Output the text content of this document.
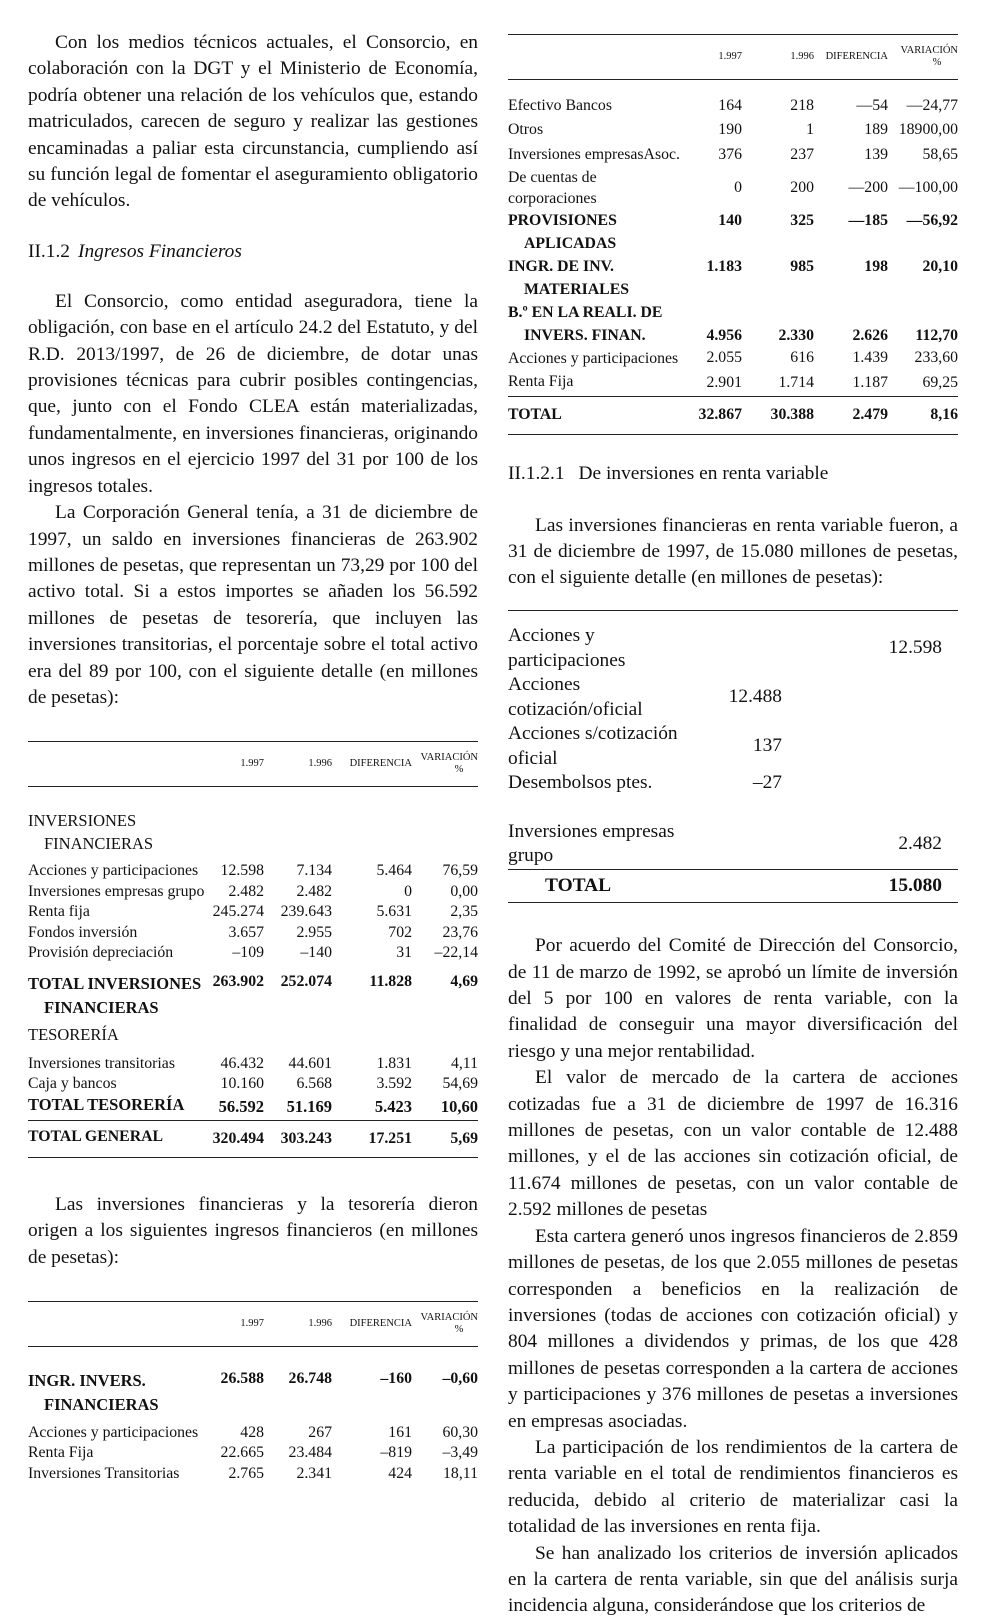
Con los medios técnicos actuales, el Consorcio, en colaboración con la DGT y el Ministerio de Economía, podría obtener una relación de los vehículos que, estando matriculados, carecen de seguro y realizar las gestiones encaminadas a paliar esta circunstancia, cumpliendo así su función legal de fomentar el aseguramiento obligatorio de vehículos.

II.1.2 Ingresos Financieros

El Consorcio, como entidad aseguradora, tiene la obligación, con base en el artículo 24.2 del Estatuto, y del R.D. 2013/1997, de 26 de diciembre, de dotar unas provisiones técnicas para cubrir posibles contingencias, que, junto con el Fondo CLEA están materializadas, fundamentalmente, en inversiones financieras, originando unos ingresos en el ejercicio 1997 del 31 por 100 de los ingresos totales.

La Corporación General tenía, a 31 de diciembre de 1997, un saldo en inversiones financieras de 263.902 millones de pesetas, que representan un 73,29 por 100 del activo total. Si a estos importes se añaden los 56.592 millones de pesetas de tesorería, que incluyen las inversiones transitorias, el porcentaje sobre el total activo era del 89 por 100, con el siguiente detalle (en millones de pesetas):

	1.997	1.996	DIFERENCIA	VARIACIÓN
%

INVERSIONES
FINANCIERAS				

Acciones y participaciones	12.598	7.134	5.464	76,59
Inversiones empresas grupo	2.482	2.482	0	0,00
Renta fija	245.274	239.643	5.631	2,35
Fondos inversión	3.657	2.955	702	23,76
Provisión depreciación	–109	–140	31	–22,14

TOTAL INVERSIONES
FINANCIERAS	263.902	252.074	11.828	4,69
TESORERÍA				

Inversiones transitorias	46.432	44.601	1.831	4,11
Caja y bancos	10.160	6.568	3.592	54,69
TOTAL TESORERÍA	56.592	51.169	5.423	10,60
TOTAL GENERAL	320.494	303.243	17.251	5,69

Las inversiones financieras y la tesorería dieron origen a los siguientes ingresos financieros (en millones de pesetas):

	1.997	1.996	DIFERENCIA	VARIACIÓN
%

INGR. INVERS.
FINANCIERAS	26.588	26.748	–160	–0,60

Acciones y participaciones	428	267	161	60,30
Renta Fija	22.665	23.484	–819	–3,49
Inversiones Transitorias	2.765	2.341	424	18,11
	1.997	1.996	DIFERENCIA	VARIACIÓN
%

Efectivo Bancos	164	218	—54	—24,77

Otros	190	1	189	18900,00

Inversiones empresasAsoc.	376	237	139	58,65

De cuentas de corporaciones	0	200	—200	—100,00
PROVISIONES
APLICADAS	140	325	—185	—56,92
INGR. DE INV.
MATERIALES	1.183	985	198	20,10
B.º EN LA REALI. DE
INVERS. FINAN.	4.956	2.330	2.626	112,70
Acciones y participaciones	2.055	616	1.439	233,60
Renta Fija	2.901	1.714	1.187	69,25
TOTAL	32.867	30.388	2.479	8,16
II.1.2.1 De inversiones en renta variable

Las inversiones financieras en renta variable fueron, a 31 de diciembre de 1997, de 15.080 millones de pesetas, con el siguiente detalle (en millones de pesetas):

Acciones y participaciones		12.598
Acciones cotización/oficial	12.488	
Acciones s/cotización oficial	137	
Desembolsos ptes.	–27	

Inversiones empresas grupo		2.482
TOTAL		15.080

Por acuerdo del Comité de Dirección del Consorcio, de 11 de marzo de 1992, se aprobó un límite de inversión del 5 por 100 en valores de renta variable, con la finalidad de conseguir una mayor diversificación del riesgo y una mejor rentabilidad.

El valor de mercado de la cartera de acciones cotizadas fue a 31 de diciembre de 1997 de 16.316 millones de pesetas, con un valor contable de 12.488 millones, y el de las acciones sin cotización oficial, de 11.674 millones de pesetas, con un valor contable de 2.592 millones de pesetas

Esta cartera generó unos ingresos financieros de 2.859 millones de pesetas, de los que 2.055 millones de pesetas corresponden a beneficios en la realización de inversiones (todas de acciones con cotización oficial) y 804 millones a dividendos y primas, de los que 428 millones de pesetas corresponden a la cartera de acciones y participaciones y 376 millones de pesetas a inversiones en empresas asociadas.

La participación de los rendimientos de la cartera de renta variable en el total de rendimientos financieros es reducida, debido al criterio de materializar casi la totalidad de las inversiones en renta fija.

Se han analizado los criterios de inversión aplicados en la cartera de renta variable, sin que del análisis surja incidencia alguna, considerándose que los criterios de
